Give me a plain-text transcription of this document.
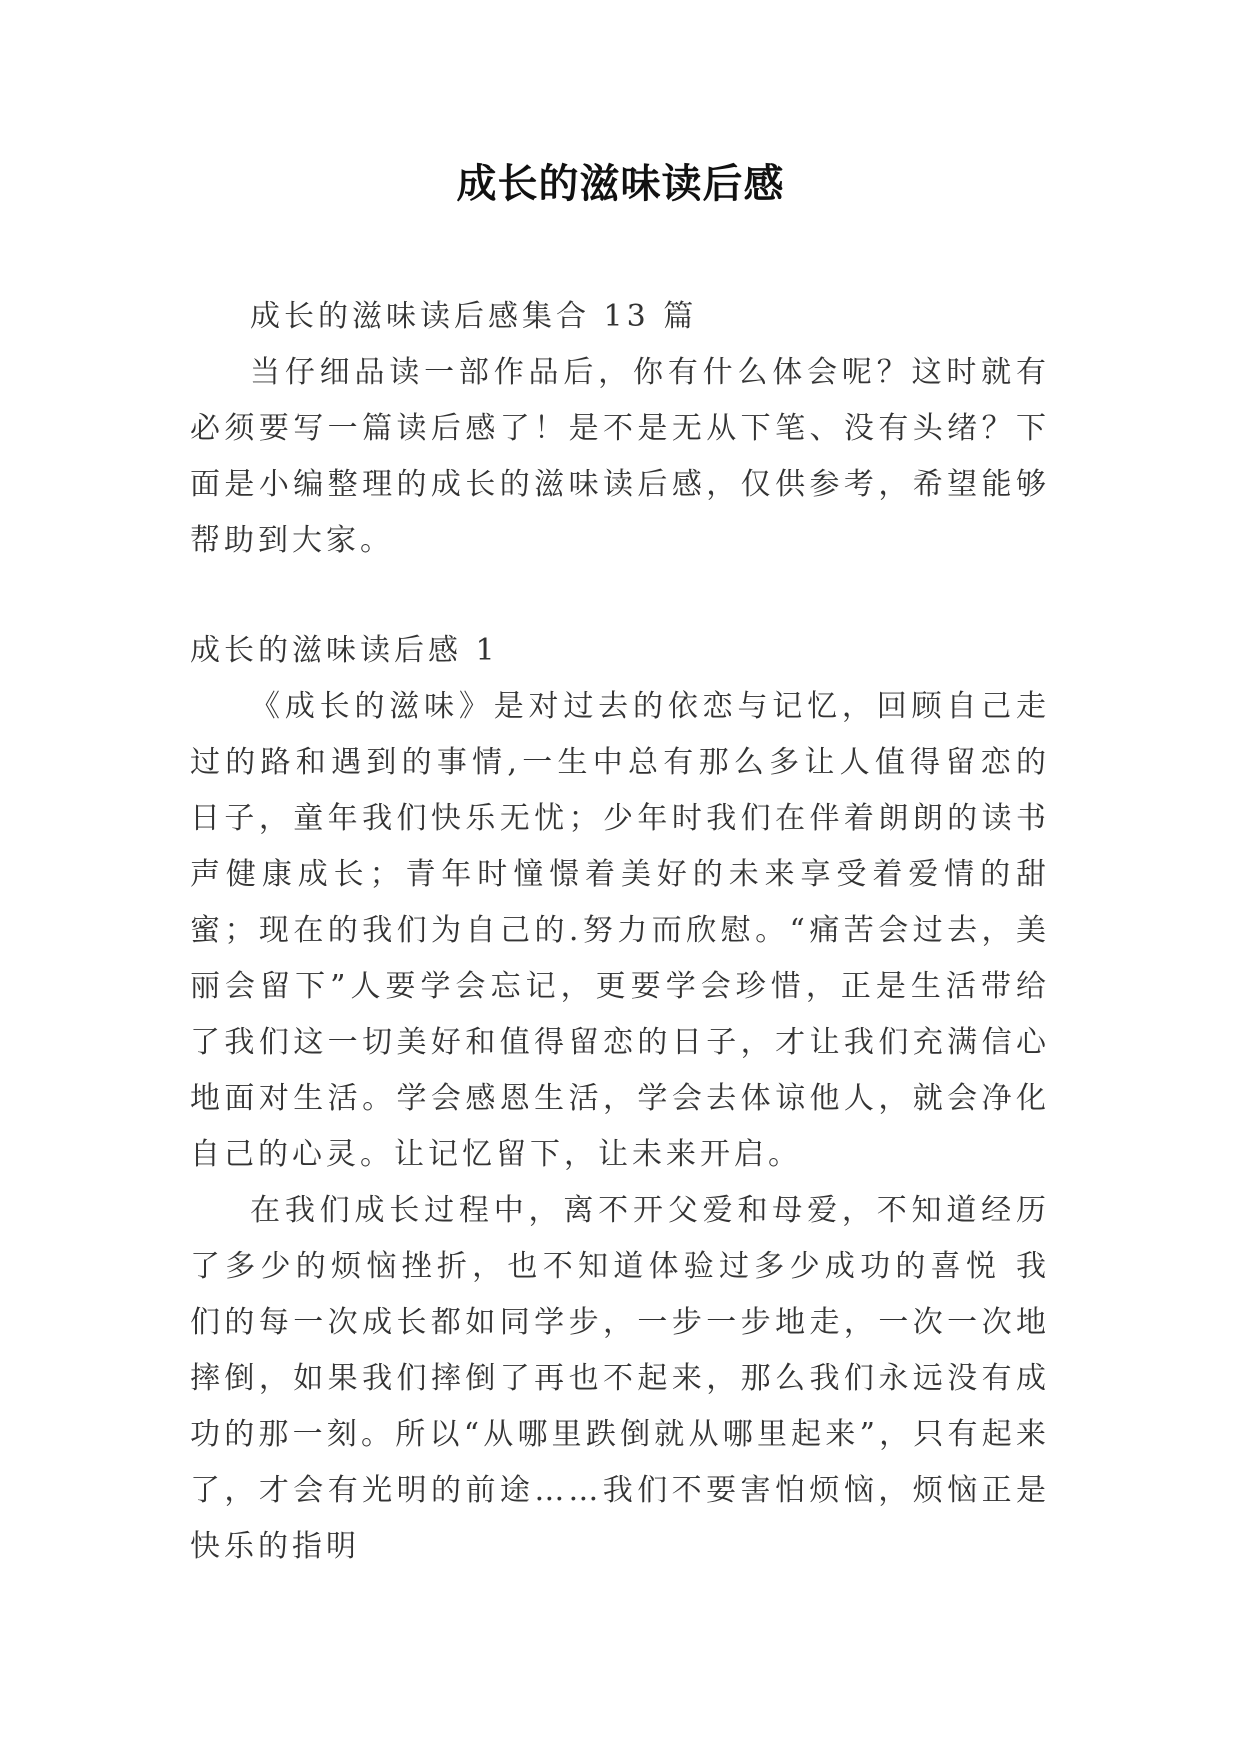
成长的滋味读后感

成长的滋味读后感集合 13 篇

当仔细品读一部作品后，你有什么体会呢？这时就有必须要写一篇读后感了！是不是无从下笔、没有头绪？下面是小编整理的成长的滋味读后感，仅供参考，希望能够帮助到大家。

成长的滋味读后感 1

《成长的滋味》是对过去的依恋与记忆，回顾自己走过的路和遇到的事情,一生中总有那么多让人值得留恋的日子，童年我们快乐无忧；少年时我们在伴着朗朗的读书声健康成长；青年时憧憬着美好的未来享受着爱情的甜蜜；现在的我们为自己的.努力而欣慰。“痛苦会过去，美丽会留下”人要学会忘记，更要学会珍惜，正是生活带给了我们这一切美好和值得留恋的日子，才让我们充满信心地面对生活。学会感恩生活，学会去体谅他人，就会净化自己的心灵。让记忆留下，让未来开启。

在我们成长过程中，离不开父爱和母爱，不知道经历了多少的烦恼挫折，也不知道体验过多少成功的喜悦 我们的每一次成长都如同学步，一步一步地走，一次一次地摔倒，如果我们摔倒了再也不起来，那么我们永远没有成功的那一刻。所以“从哪里跌倒就从哪里起来”，只有起来了，才会有光明的前途……我们不要害怕烦恼，烦恼正是快乐的指明
